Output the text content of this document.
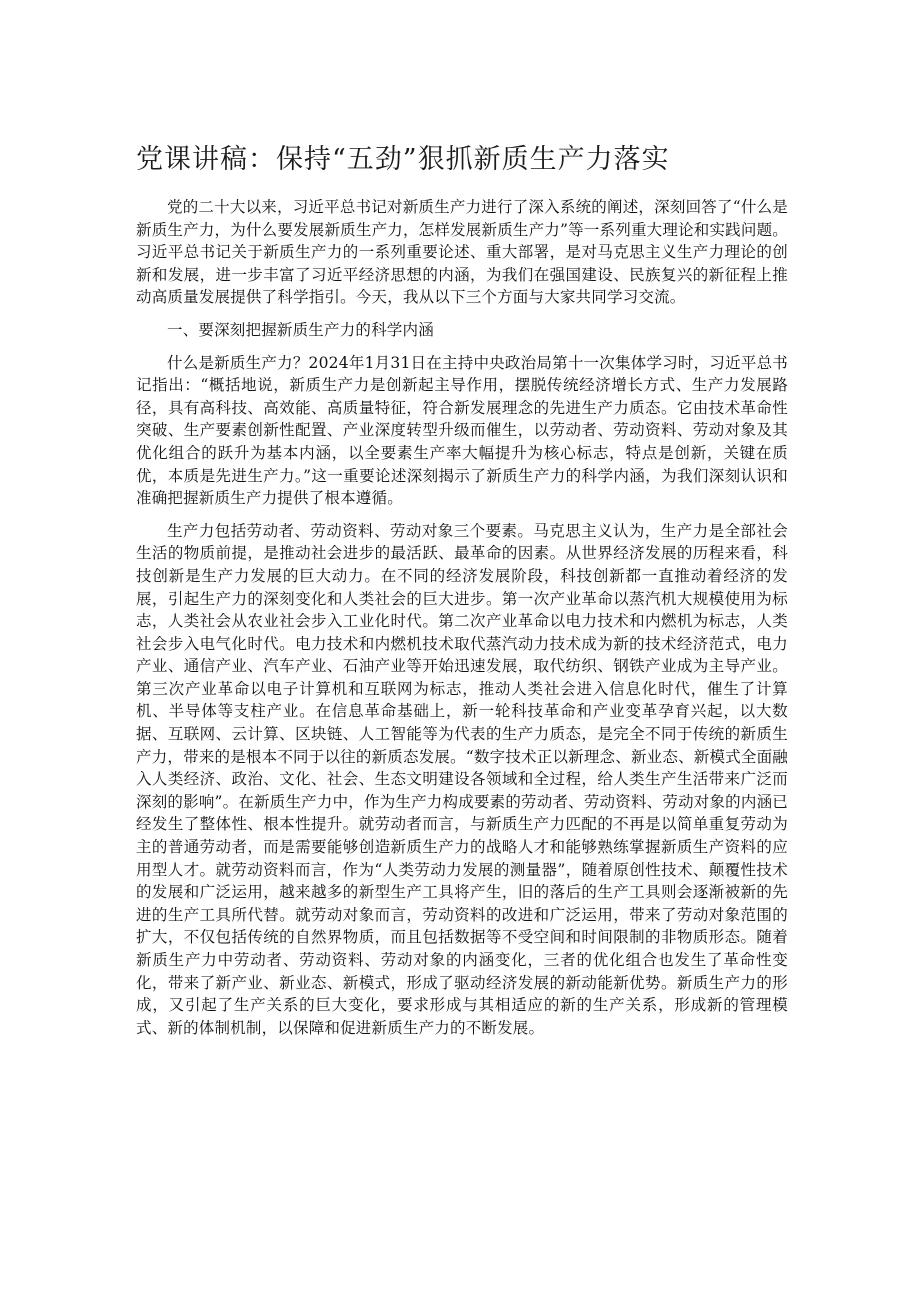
党课讲稿：保持“五劲”狠抓新质生产力落实

党的二十大以来，习近平总书记对新质生产力进行了深入系统的阐述，深刻回答了“什么是新质生产力，为什么要发展新质生产力，怎样发展新质生产力”等一系列重大理论和实践问题。习近平总书记关于新质生产力的一系列重要论述、重大部署，是对马克思主义生产力理论的创新和发展，进一步丰富了习近平经济思想的内涵，为我们在强国建设、民族复兴的新征程上推动高质量发展提供了科学指引。今天，我从以下三个方面与大家共同学习交流。

一、要深刻把握新质生产力的科学内涵

什么是新质生产力？2024年1月31日在主持中央政治局第十一次集体学习时，习近平总书记指出：“概括地说，新质生产力是创新起主导作用，摆脱传统经济增长方式、生产力发展路径，具有高科技、高效能、高质量特征，符合新发展理念的先进生产力质态。它由技术革命性突破、生产要素创新性配置、产业深度转型升级而催生，以劳动者、劳动资料、劳动对象及其优化组合的跃升为基本内涵，以全要素生产率大幅提升为核心标志，特点是创新，关键在质优，本质是先进生产力。”这一重要论述深刻揭示了新质生产力的科学内涵，为我们深刻认识和准确把握新质生产力提供了根本遵循。

生产力包括劳动者、劳动资料、劳动对象三个要素。马克思主义认为，生产力是全部社会生活的物质前提，是推动社会进步的最活跃、最革命的因素。从世界经济发展的历程来看，科技创新是生产力发展的巨大动力。在不同的经济发展阶段，科技创新都一直推动着经济的发展，引起生产力的深刻变化和人类社会的巨大进步。第一次产业革命以蒸汽机大规模使用为标志，人类社会从农业社会步入工业化时代。第二次产业革命以电力技术和内燃机为标志，人类社会步入电气化时代。电力技术和内燃机技术取代蒸汽动力技术成为新的技术经济范式，电力产业、通信产业、汽车产业、石油产业等开始迅速发展，取代纺织、钢铁产业成为主导产业。第三次产业革命以电子计算机和互联网为标志，推动人类社会进入信息化时代，催生了计算机、半导体等支柱产业。在信息革命基础上，新一轮科技革命和产业变革孕育兴起，以大数据、互联网、云计算、区块链、人工智能等为代表的生产力质态，是完全不同于传统的新质生产力，带来的是根本不同于以往的新质态发展。“数字技术正以新理念、新业态、新模式全面融入人类经济、政治、文化、社会、生态文明建设各领域和全过程，给人类生产生活带来广泛而深刻的影响”。在新质生产力中，作为生产力构成要素的劳动者、劳动资料、劳动对象的内涵已经发生了整体性、根本性提升。就劳动者而言，与新质生产力匹配的不再是以简单重复劳动为主的普通劳动者，而是需要能够创造新质生产力的战略人才和能够熟练掌握新质生产资料的应用型人才。就劳动资料而言，作为“人类劳动力发展的测量器”，随着原创性技术、颠覆性技术的发展和广泛运用，越来越多的新型生产工具将产生，旧的落后的生产工具则会逐渐被新的先进的生产工具所代替。就劳动对象而言，劳动资料的改进和广泛运用，带来了劳动对象范围的扩大，不仅包括传统的自然界物质，而且包括数据等不受空间和时间限制的非物质形态。随着新质生产力中劳动者、劳动资料、劳动对象的内涵变化，三者的优化组合也发生了革命性变化，带来了新产业、新业态、新模式，形成了驱动经济发展的新动能新优势。新质生产力的形成，又引起了生产关系的巨大变化，要求形成与其相适应的新的生产关系，形成新的管理模式、新的体制机制，以保障和促进新质生产力的不断发展。
